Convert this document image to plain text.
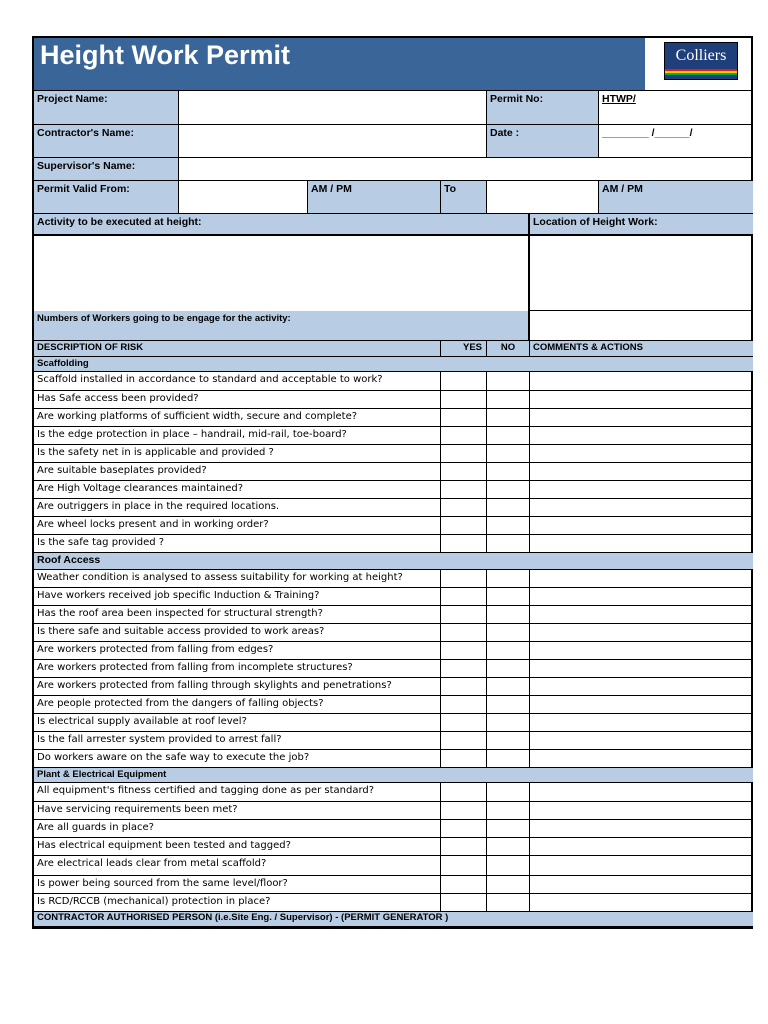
Height Work Permit	Colliers
Project Name:	Permit No:	HTWP/
Contractor's Name:	Date :	________ /______/
Supervisor's Name:
Permit Valid From:	AM / PM	To	AM / PM
Activity to be executed at height:	Location of Height Work:
Numbers of Workers going to be engage for the activity:
DESCRIPTION OF RISK	YES	NO	COMMENTS & ACTIONS
Scaffolding
Scaffold installed in accordance to standard and acceptable to work?
Has Safe access been provided?
Are working platforms of sufficient width, secure and complete?
Is the edge protection in place – handrail, mid-rail, toe-board?
Is the safety net in is applicable and provided ?
Are suitable baseplates provided?
Are High Voltage clearances maintained?
Are outriggers in place in the required locations.
Are wheel locks present and in working order?
Is the safe tag provided ?
Roof Access
Weather condition is analysed to assess suitability for working at height?
Have workers received job specific Induction & Training?
Has the roof area been inspected for structural strength?
Is there safe and suitable access provided to work areas?
Are workers protected from falling from edges?
Are workers protected from falling from incomplete structures?
Are workers protected from falling through skylights and penetrations?
Are people protected from the dangers of falling objects?
Is electrical supply available at roof level?
Is the fall arrester system provided to arrest fall?
Do workers aware on the safe way to execute the job?
Plant & Electrical Equipment
All equipment's fitness certified and tagging done as per standard?
Have servicing requirements been met?
Are all guards in place?
Has electrical equipment been tested and tagged?
Are electrical leads clear from metal scaffold?
Is power being sourced from the same level/floor?
Is RCD/RCCB (mechanical) protection in place?
CONTRACTOR AUTHORISED PERSON (i.e.Site Eng. / Supervisor) - (PERMIT GENERATOR )
